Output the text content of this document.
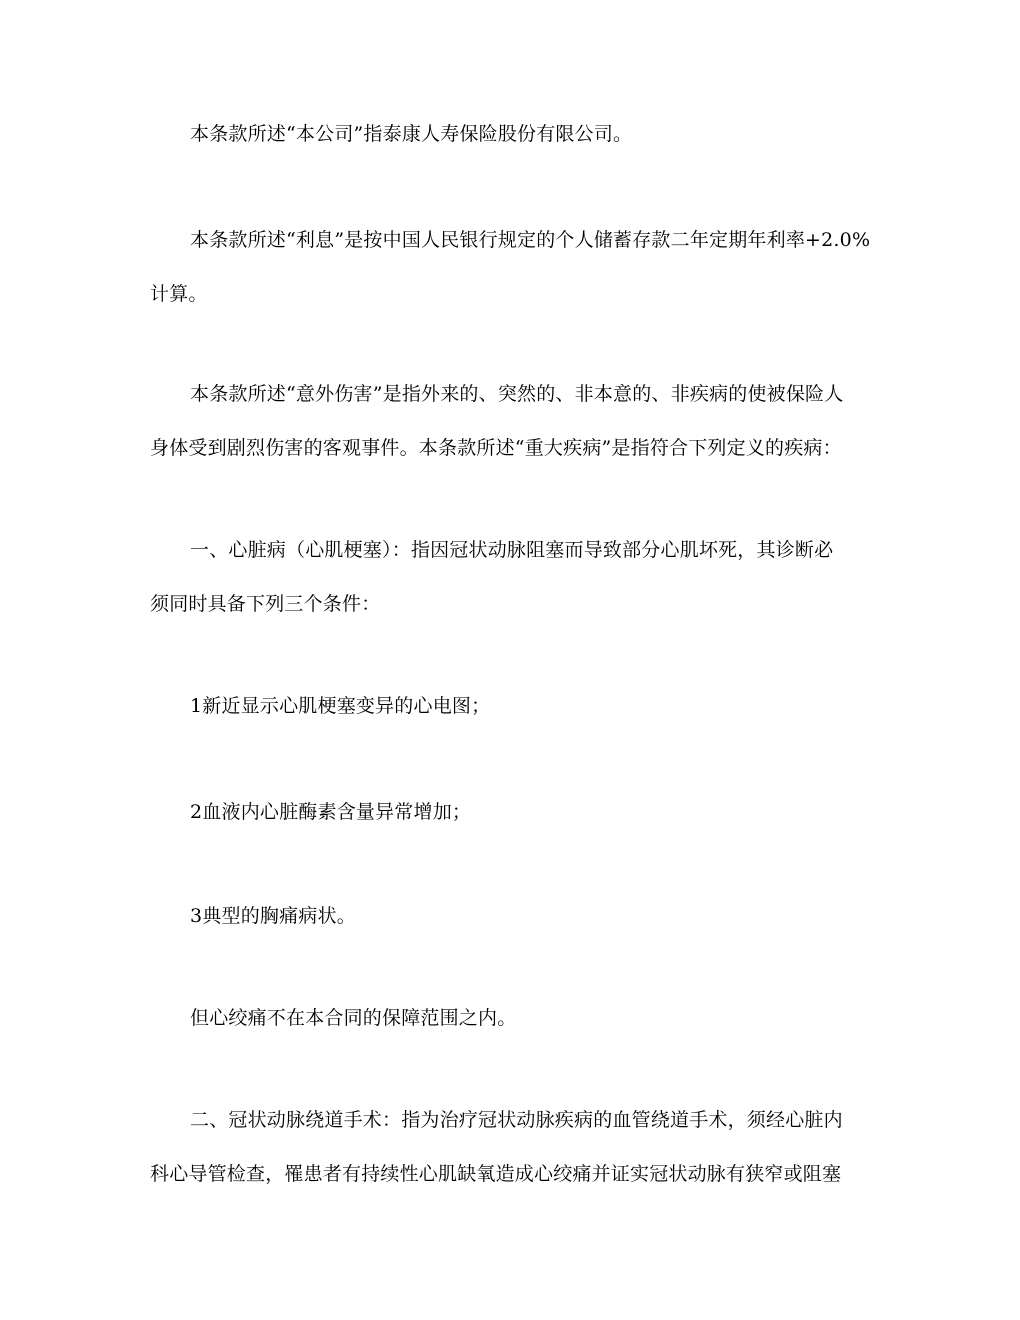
本条款所述“本公司”指泰康人寿保险股份有限公司。
本条款所述“利息”是按中国人民银行规定的个人储蓄存款二年定期年利率+2.0%
计算。
本条款所述“意外伤害”是指外来的、突然的、非本意的、非疾病的使被保险人
身体受到剧烈伤害的客观事件。本条款所述“重大疾病”是指符合下列定义的疾病：
一、心脏病（心肌梗塞）：指因冠状动脉阻塞而导致部分心肌坏死，其诊断必
须同时具备下列三个条件：
1新近显示心肌梗塞变异的心电图；
2血液内心脏酶素含量异常增加；
3典型的胸痛病状。
但心绞痛不在本合同的保障范围之内。
二、冠状动脉绕道手术：指为治疗冠状动脉疾病的血管绕道手术，须经心脏内
科心导管检查，罹患者有持续性心肌缺氧造成心绞痛并证实冠状动脉有狭窄或阻塞
